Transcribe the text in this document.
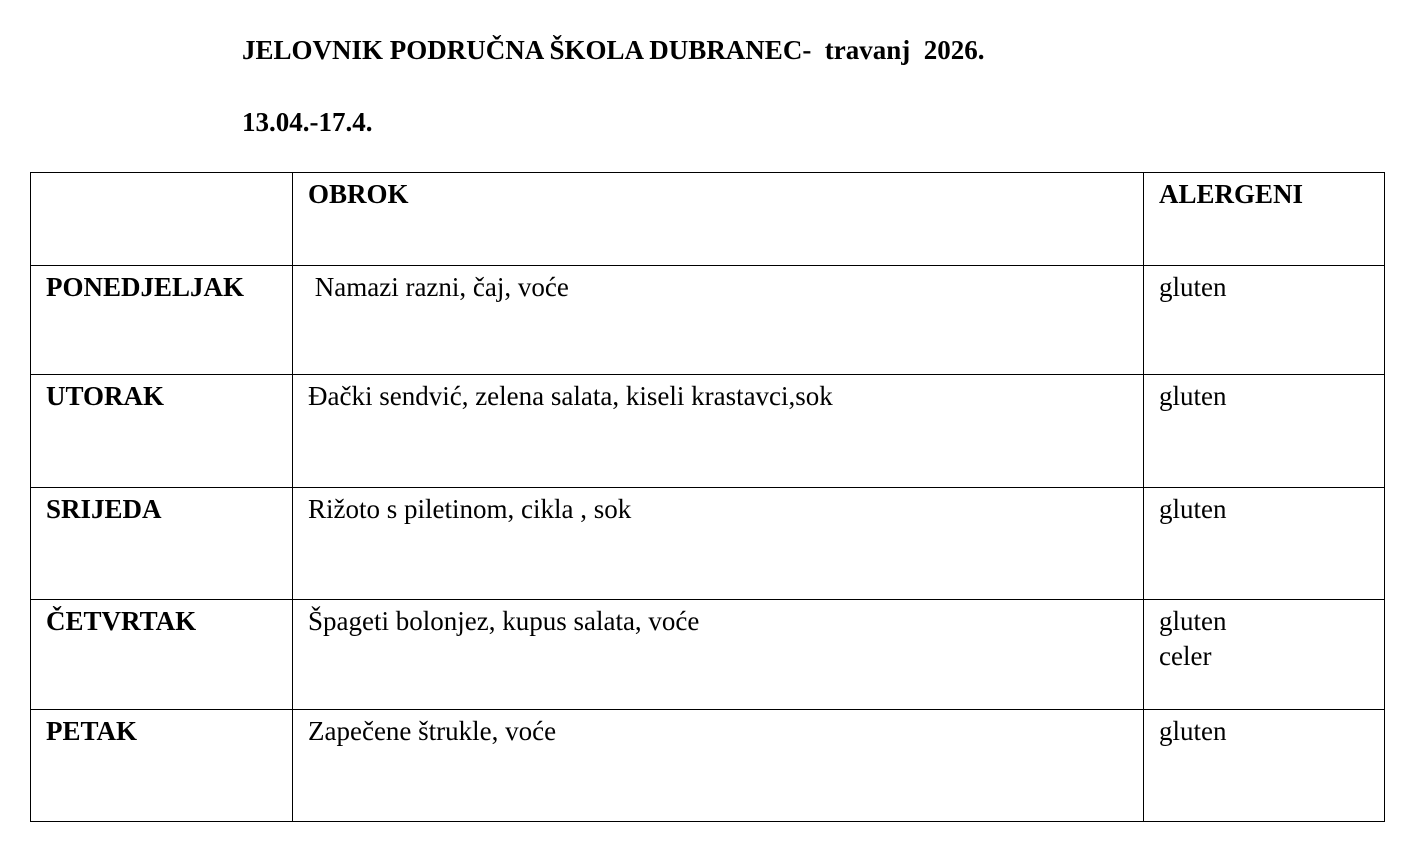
JELOVNIK PODRUČNA ŠKOLA DUBRANEC-  travanj  2026.
13.04.-17.4.
	OBROK	ALERGENI
PONEDJELJAK	Namazi razni, čaj, voće	gluten

UTORAK	Đački sendvić, zelena salata, kiseli krastavci,sok	gluten

SRIJEDA	Rižoto s piletinom, cikla , sok	gluten

ČETVRTAK	Špageti bolonjez, kupus salata, voće	gluten
celer

PETAK	Zapečene štrukle, voće	gluten
